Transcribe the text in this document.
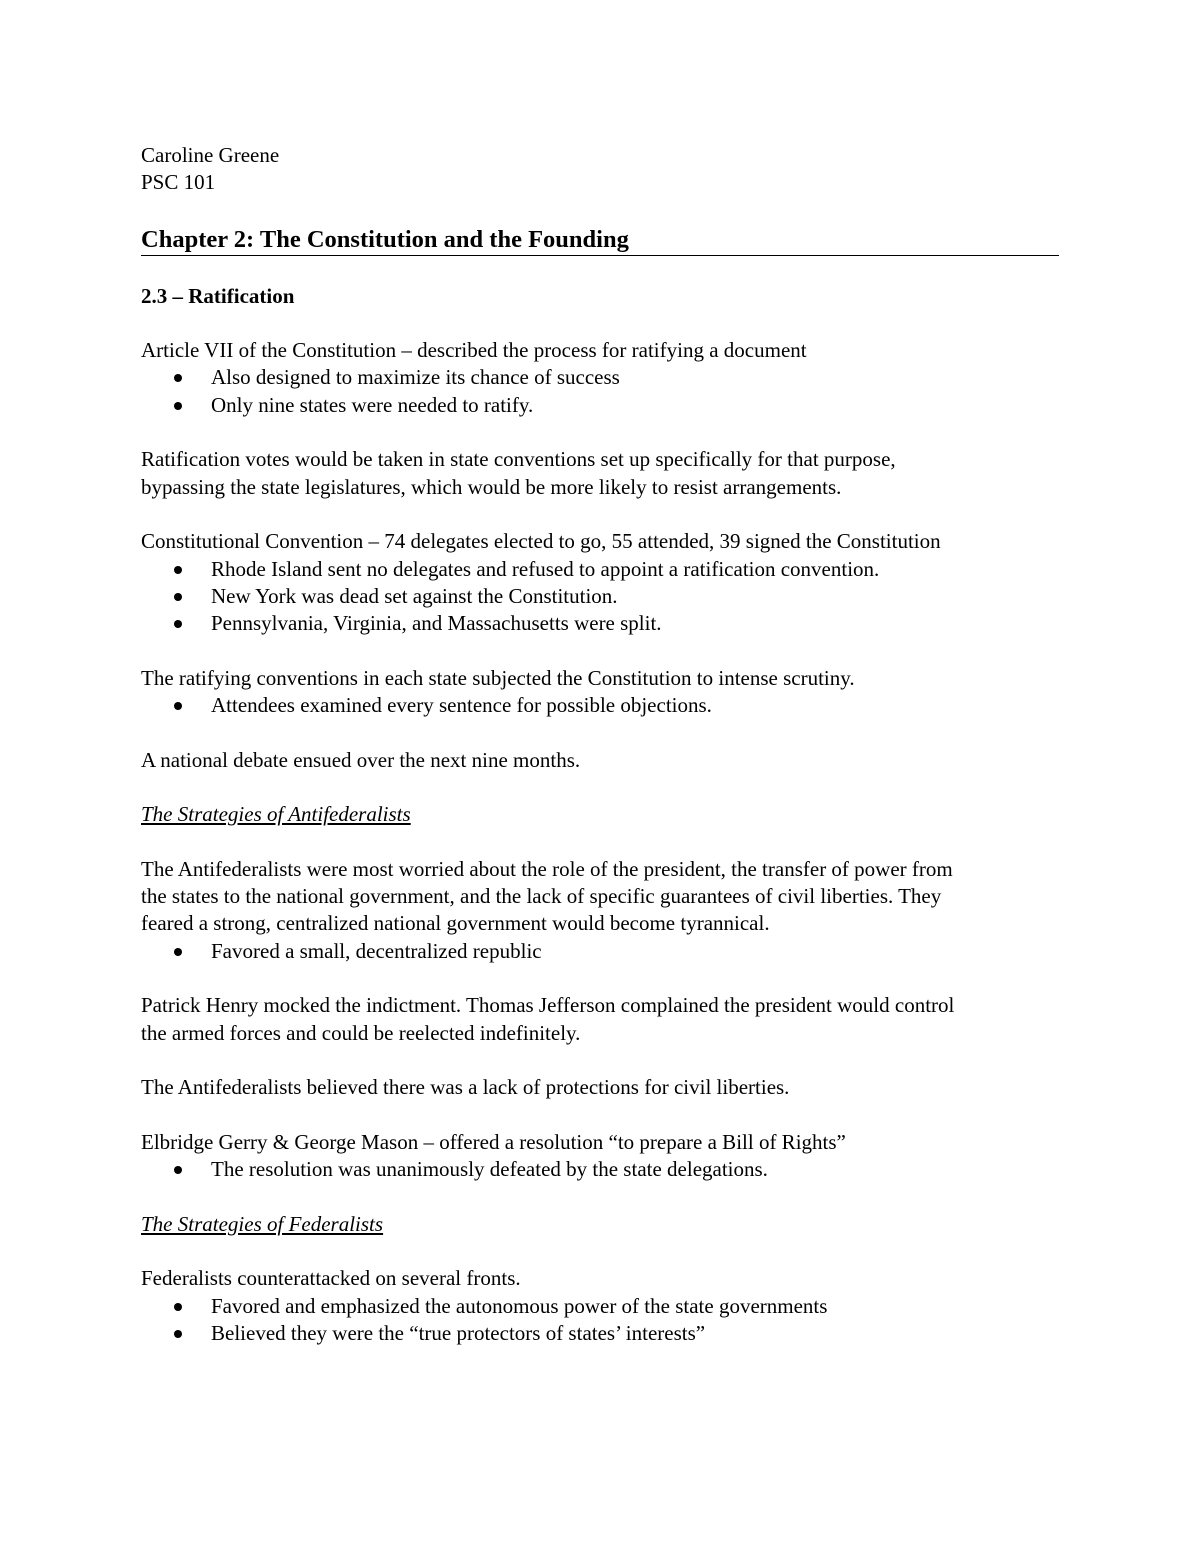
Caroline Greene

PSC 101

Chapter 2: The Constitution and the Founding
2.3 – Ratification

Article VII of the Constitution – described the process for ratifying a document

Also designed to maximize its chance of success
Only nine states were needed to ratify.

Ratification votes would be taken in state conventions set up specifically for that purpose,

bypassing the state legislatures, which would be more likely to resist arrangements.

Constitutional Convention – 74 delegates elected to go, 55 attended, 39 signed the Constitution

Rhode Island sent no delegates and refused to appoint a ratification convention.
New York was dead set against the Constitution.
Pennsylvania, Virginia, and Massachusetts were split.

The ratifying conventions in each state subjected the Constitution to intense scrutiny.

Attendees examined every sentence for possible objections.

A national debate ensued over the next nine months.

The Strategies of Antifederalists

The Antifederalists were most worried about the role of the president, the transfer of power from

the states to the national government, and the lack of specific guarantees of civil liberties. They

feared a strong, centralized national government would become tyrannical.

Favored a small, decentralized republic

Patrick Henry mocked the indictment. Thomas Jefferson complained the president would control

the armed forces and could be reelected indefinitely.

The Antifederalists believed there was a lack of protections for civil liberties.

Elbridge Gerry & George Mason – offered a resolution “to prepare a Bill of Rights”

The resolution was unanimously defeated by the state delegations.
The Strategies of Federalists

Federalists counterattacked on several fronts.

Favored and emphasized the autonomous power of the state governments
Believed they were the “true protectors of states’ interests”
